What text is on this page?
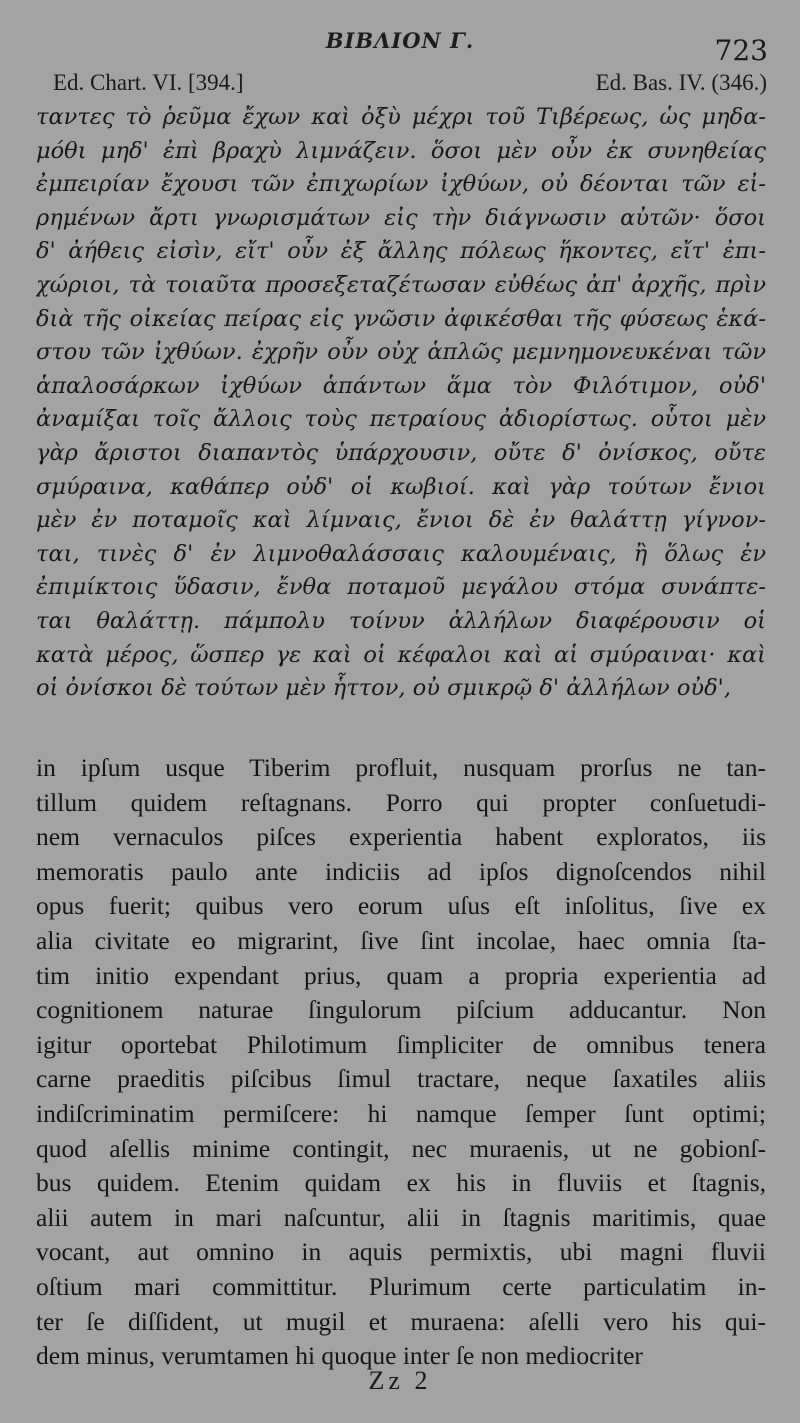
ΒΙΒΛΙΟΝ Γ.	723
Ed. Chart. VI. [394.]	Ed. Bas. IV. (346.)
ταντες τὸ ῥεῦμα ἔχων καὶ ὀξὺ μέχρι τοῦ Τιβέρεως, ὡς μηδα-
μόθι μηδ' ἐπὶ βραχὺ λιμνάζειν. ὅσοι μὲν οὖν ἐκ συνηθείας
ἐμπειρίαν ἔχουσι τῶν ἐπιχωρίων ἰχθύων, οὐ δέονται τῶν εἰ-
ρημένων ἄρτι γνωρισμάτων εἰς τὴν διάγνωσιν αὐτῶν· ὅσοι
δ' ἀήθεις εἰσὶν, εἴτ' οὖν ἐξ ἄλλης πόλεως ἥκοντες, εἴτ' ἐπι-
χώριοι, τὰ τοιαῦτα προσεξεταζέτωσαν εὐθέως ἀπ' ἀρχῆς, πρὶν
διὰ τῆς οἰκείας πείρας εἰς γνῶσιν ἀφικέσθαι τῆς φύσεως ἑκά-
στου τῶν ἰχθύων. ἐχρῆν οὖν οὐχ ἁπλῶς μεμνημονευκέναι τῶν
ἁπαλοσάρκων ἰχθύων ἁπάντων ἅμα τὸν Φιλότιμον, οὐδ'
ἀναμίξαι τοῖς ἄλλοις τοὺς πετραίους ἀδιορίστως. οὗτοι μὲν
γὰρ ἄριστοι διαπαντὸς ὑπάρχουσιν, οὔτε δ' ὀνίσκος, οὔτε
σμύραινα, καθάπερ οὐδ' οἱ κωβιοί. καὶ γὰρ τούτων ἔνιοι
μὲν ἐν ποταμοῖς καὶ λίμναις, ἔνιοι δὲ ἐν θαλάττῃ γίγνον-
ται, τινὲς δ' ἐν λιμνοθαλάσσαις καλουμέναις, ἢ ὅλως ἐν
ἐπιμίκτοις ὕδασιν, ἔνθα ποταμοῦ μεγάλου στόμα συνάπτε-
ται θαλάττῃ. πάμπολυ τοίνυν ἀλλήλων διαφέρουσιν οἱ
κατὰ μέρος, ὥσπερ γε καὶ οἱ κέφαλοι καὶ αἱ σμύραιναι· καὶ
οἱ ὀνίσκοι δὲ τούτων μὲν ἧττον, οὐ σμικρῷ δ' ἀλλήλων οὐδ',
in ipſum usque Tiberim profluit, nusquam prorſus ne tan-
tillum quidem reſtagnans. Porro qui propter conſuetudi-
nem vernaculos piſces experientia habent exploratos, iis
memoratis paulo ante indiciis ad ipſos dignoſcendos nihil
opus fuerit; quibus vero eorum uſus eſt inſolitus, ſive ex
alia civitate eo migrarint, ſive ſint incolae, haec omnia ſta-
tim initio expendant prius, quam a propria experientia ad
cognitionem naturae ſingulorum piſcium adducantur. Non
igitur oportebat Philotimum ſimpliciter de omnibus tenera
carne praeditis piſcibus ſimul tractare, neque ſaxatiles aliis
indiſcriminatim permiſcere: hi namque ſemper ſunt optimi;
quod aſellis minime contingit, nec muraenis, ut ne gobionſ-
bus quidem. Etenim quidam ex his in fluviis et ſtagnis,
alii autem in mari naſcuntur, alii in ſtagnis maritimis, quae
vocant, aut omnino in aquis permixtis, ubi magni fluvii
oſtium mari committitur. Plurimum certe particulatim in-
ter ſe diſſident, ut mugil et muraena: aſelli vero his qui-
dem minus, verumtamen hi quoque inter ſe non mediocriter
Zz 2
